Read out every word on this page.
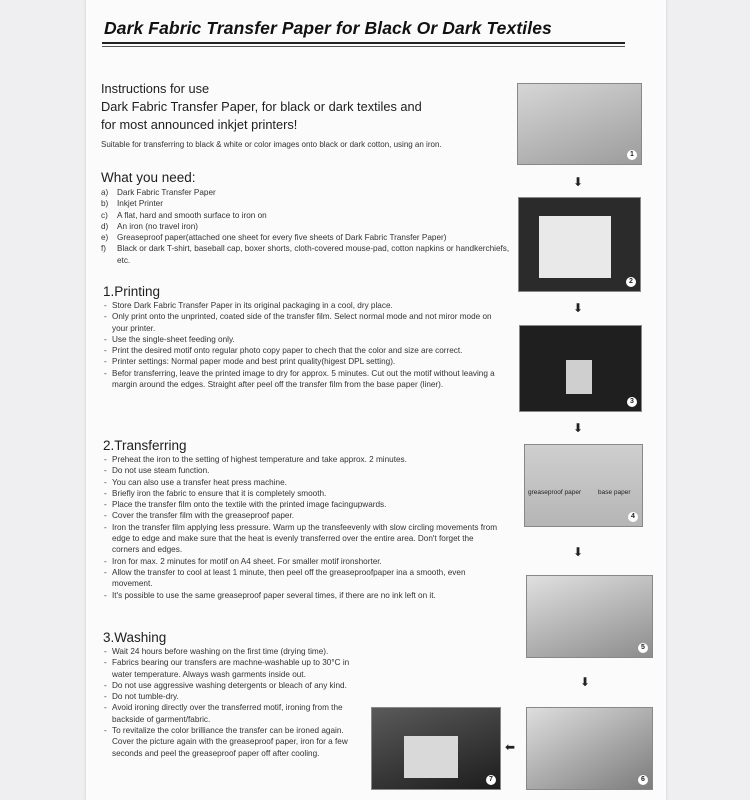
Dark Fabric Transfer Paper for Black Or Dark Textiles
Instructions for use
Dark Fabric Transfer Paper, for black or dark textiles and
for most announced inkjet printers!
Suitable for transferring to black & white or color images onto black or dark cotton, using an iron.
What you need:
a)	Dark Fabric Transfer Paper
b)	Inkjet Printer
c)	A flat, hard and smooth surface to iron on
d)	An iron (no travel iron)
e)	Greaseproof paper(attached one sheet for every five sheets of Dark Fabric Transfer Paper)
f)	Black or dark T-shirt, baseball cap, boxer shorts, cloth-covered mouse-pad, cotton napkins or handkerchiefs, etc.
1.Printing
- Store Dark Fabric Transfer Paper in its original packaging in a cool, dry place.
- Only print onto the unprinted, coated side of the transfer film. Select normal mode and not miror mode on your printer.
- Use the single-sheet feeding only.
- Print the desired motif onto regular photo copy paper to chech that the color and size are correct.
- Printer settings: Normal paper mode and best print quality(higest DPL setting).
- Befor transferring, leave the printed image to dry for approx. 5 minutes. Cut out the motif without leaving a margin around the edges. Straight after peel off the transfer film from the base paper (liner).
2.Transferring
- Preheat the iron to the setting of highest temperature and take approx. 2 minutes.
- Do not use steam function.
- You can also use a transfer heat press machine.
- Briefly iron the fabric to ensure that it is completely smooth.
- Place the transfer film onto the textile with the printed image facingupwards.
- Cover the transfer film with the greaseproof paper.
- Iron the transfer film applying less pressure. Warm up the transfeevenly with slow circling movements from edge to edge and make sure that the heat is evenly transferred over the entire area. Don't forget the corners and edges.
- Iron for max. 2 minutes for motif on A4 sheet. For smaller motif ironshorter.
- Allow the transfer to cool at least 1 minute, then peel off the greaseproofpaper ina a smooth, even movement.
- It's possible to use the same greaseproof paper several times, if there are no ink left on it.
3.Washing
- Wait 24 hours before washing on the first time (drying time).
- Fabrics bearing our transfers are machne-washable up to 30°C in water temperature. Always wash garments inside out.
- Do not use aggressive washing detergents or bleach of any kind.
- Do not tumble-dry.
- Avoid ironing directly over the transferred motif, ironing from the backside of garment/fabric.
- To revitalize the color brilliance the transfer can be ironed again. Cover the picture again with the greaseproof paper, iron for a few seconds and peel the greaseproof paper off after cooling.
1
⬇
2
⬇
3
⬇
greaseproof paper	base paper
4
⬇
5
⬇
6
⬅
7
